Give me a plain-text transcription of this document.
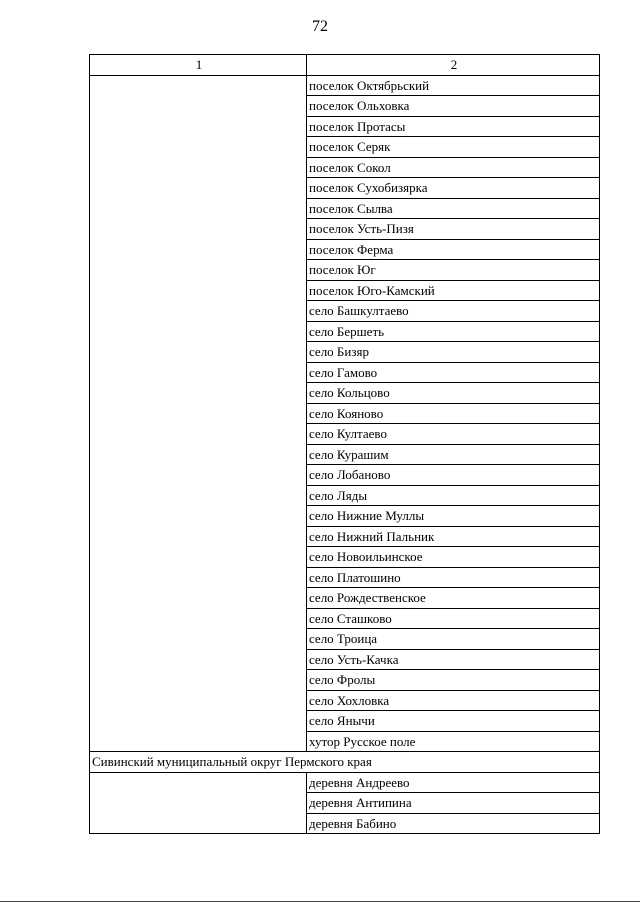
72
1	2
	поселок Октябрьский
	поселок Ольховка
	поселок Протасы
	поселок Серяк
	поселок Сокол
	поселок Сухобизярка
	поселок Сылва
	поселок Усть-Пизя
	поселок Ферма
	поселок Юг
	поселок Юго-Камский
	село Башкултаево
	село Бершеть
	село Бизяр
	село Гамово
	село Кольцово
	село Кояново
	село Култаево
	село Курашим
	село Лобаново
	село Ляды
	село Нижние Муллы
	село Нижний Пальник
	село Новоильинское
	село Платошино
	село Рождественское
	село Сташково
	село Троица
	село Усть-Качка
	село Фролы
	село Хохловка
	село Янычи
	хутор Русское поле
Сивинский муниципальный округ Пермского края	
	деревня Андреево
	деревня Антипина
	деревня Бабино
